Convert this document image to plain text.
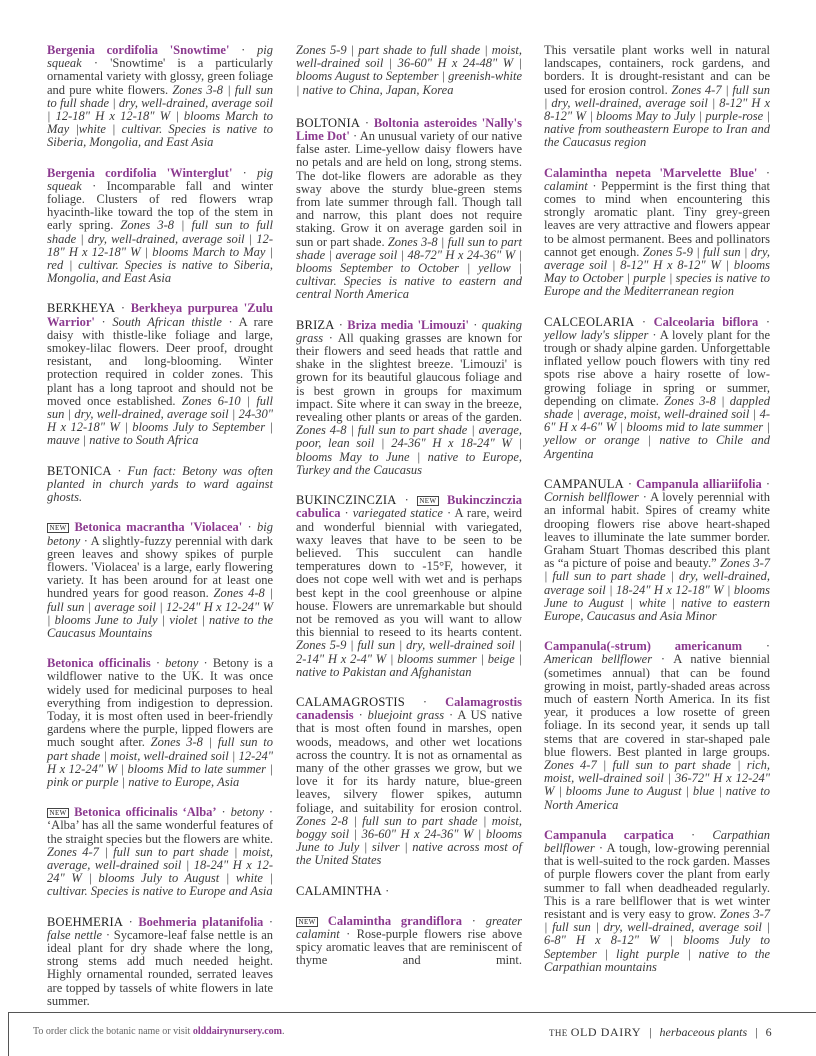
Bergenia cordifolia 'Snowtime' · pig squeak · 'Snowtime' is a particularly ornamental variety with glossy, green foliage and pure white flowers. Zones 3-8 | full sun to full shade | dry, well-drained, average soil | 12-18" H x 12-18" W | blooms March to May |white | cultivar. Species is native to Siberia, Mongolia, and East Asia

Bergenia cordifolia 'Winterglut' · pig squeak · Incomparable fall and winter foliage. Clusters of red flowers wrap hyacinth-like toward the top of the stem in early spring. Zones 3-8 | full sun to full shade | dry, well-drained, average soil | 12-18" H x 12-18" W | blooms March to May | red | cultivar. Species is native to Siberia, Mongolia, and East Asia

BERKHEYA · Berkheya purpurea 'Zulu Warrior' · South African thistle · A rare daisy with thistle-like foliage and large, smokey-lilac flowers. Deer proof, drought resistant, and long-blooming. Winter protection required in colder zones. This plant has a long taproot and should not be moved once established. Zones 6-10 | full sun | dry, well-drained, average soil | 24-30" H x 12-18" W | blooms July to September | mauve | native to South Africa

BETONICA · Fun fact: Betony was often planted in church yards to ward against ghosts.

NEW Betonica macrantha 'Violacea' · big betony · A slightly-fuzzy perennial with dark green leaves and showy spikes of purple flowers. 'Violacea' is a large, early flowering variety. It has been around for at least one hundred years for good reason. Zones 4-8 | full sun | average soil | 12-24" H x 12-24" W | blooms June to July | violet | native to the Caucasus Mountains

Betonica officinalis · betony · Betony is a wildflower native to the UK. It was once widely used for medicinal purposes to heal everything from indigestion to depression. Today, it is most often used in beer-friendly gardens where the purple, lipped flowers are much sought after. Zones 3-8 | full sun to part shade | moist, well-drained soil | 12-24" H x 12-24" W | blooms Mid to late summer | pink or purple | native to Europe, Asia

NEW Betonica officinalis ‘Alba’ · betony · ‘Alba’ has all the same wonderful features of the straight species but the flowers are white. Zones 4-7 | full sun to part shade | moist, average, well-drained soil | 18-24" H x 12-24" W | blooms July to August | white | cultivar. Species is native to Europe and Asia

BOEHMERIA · Boehmeria platanifolia · false nettle · Sycamore-leaf false nettle is an ideal plant for dry shade where the long, strong stems add much needed height. Highly ornamental rounded, serrated leaves are topped by tassels of white flowers in late summer.

Zones 5-9 | part shade to full shade | moist, well-drained soil | 36-60" H x 24-48" W | blooms August to September | greenish-white | native to China, Japan, Korea

BOLTONIA · Boltonia asteroides 'Nally's Lime Dot' · An unusual variety of our native false aster. Lime-yellow daisy flowers have no petals and are held on long, strong stems. The dot-like flowers are adorable as they sway above the sturdy blue-green stems from late summer through fall. Though tall and narrow, this plant does not require staking. Grow it on average garden soil in sun or part shade. Zones 3-8 | full sun to part shade | average soil | 48-72" H x 24-36" W | blooms September to October | yellow | cultivar. Species is native to eastern and central North America

BRIZA · Briza media 'Limouzi' · quaking grass · All quaking grasses are known for their flowers and seed heads that rattle and shake in the slightest breeze. 'Limouzi' is grown for its beautiful glaucous foliage and is best grown in groups for maximum impact. Site where it can sway in the breeze, revealing other plants or areas of the garden. Zones 4-8 | full sun to part shade | average, poor, lean soil | 24-36" H x 18-24" W | blooms May to June | native to Europe, Turkey and the Caucasus

BUKINCZINCZIA · NEW Bukinczinczia cabulica · variegated statice · A rare, weird and wonderful biennial with variegated, waxy leaves that have to be seen to be believed. This succulent can handle temperatures down to -15°F, however, it does not cope well with wet and is perhaps best kept in the cool greenhouse or alpine house. Flowers are unremarkable but should not be removed as you will want to allow this biennial to reseed to its hearts content. Zones 5-9 | full sun | dry, well-drained soil | 2-14" H x 2-4" W | blooms summer | beige | native to Pakistan and Afghanistan

CALAMAGROSTIS · Calamagrostis canadensis · bluejoint grass · A US native that is most often found in marshes, open woods, meadows, and other wet locations across the country. It is not as ornamental as many of the other grasses we grow, but we love it for its hardy nature, blue-green leaves, silvery flower spikes, autumn foliage, and suitability for erosion control. Zones 2-8 | full sun to part shade | moist, boggy soil | 36-60" H x 24-36" W | blooms June to July | silver | native across most of the United States

CALAMINTHA ·

NEW Calamintha grandiflora · greater calamint · Rose-purple flowers rise above spicy aromatic leaves that are reminiscent of thyme and mint.

This versatile plant works well in natural landscapes, containers, rock gardens, and borders. It is drought-resistant and can be used for erosion control. Zones 4-7 | full sun | dry, well-drained, average soil | 8-12" H x 8-12" W | blooms May to July | purple-rose | native from southeastern Europe to Iran and the Caucasus region

Calamintha nepeta 'Marvelette Blue' · calamint · Peppermint is the first thing that comes to mind when encountering this strongly aromatic plant. Tiny grey-green leaves are very attractive and flowers appear to be almost permanent. Bees and pollinators cannot get enough. Zones 5-9 | full sun | dry, average soil | 8-12" H x 8-12" W | blooms May to October | purple | species is native to Europe and the Mediterranean region

CALCEOLARIA · Calceolaria biflora · yellow lady's slipper · A lovely plant for the trough or shady alpine garden. Unforgettable inflated yellow pouch flowers with tiny red spots rise above a hairy rosette of low-growing foliage in spring or summer, depending on climate. Zones 3-8 | dappled shade | average, moist, well-drained soil | 4-6" H x 4-6" W | blooms mid to late summer | yellow or orange | native to Chile and Argentina

CAMPANULA · Campanula alliariifolia · Cornish bellflower · A lovely perennial with an informal habit. Spires of creamy white drooping flowers rise above heart-shaped leaves to illuminate the late summer border. Graham Stuart Thomas described this plant as “a picture of poise and beauty.” Zones 3-7 | full sun to part shade | dry, well-drained, average soil | 18-24" H x 12-18" W | blooms June to August | white | native to eastern Europe, Caucasus and Asia Minor

Campanula(-strum) americanum · American bellflower · A native biennial (sometimes annual) that can be found growing in moist, partly-shaded areas across much of eastern North America. In its fist year, it produces a low rosette of green foliage. In its second year, it sends up tall stems that are covered in star-shaped pale blue flowers. Best planted in large groups. Zones 4-7 | full sun to part shade | rich, moist, well-drained soil | 36-72" H x 12-24" W | blooms June to August | blue | native to North America

Campanula carpatica · Carpathian bellflower · A tough, low-growing perennial that is well-suited to the rock garden. Masses of purple flowers cover the plant from early summer to fall when deadheaded regularly. This is a rare bellflower that is wet winter resistant and is very easy to grow. Zones 3-7 | full sun | dry, well-drained, average soil | 6-8" H x 8-12" W | blooms July to September | light purple | native to the Carpathian mountains

To order click the botanic name or visit olddairynursery.com.	THE OLD DAIRY | herbaceous plants | 6
